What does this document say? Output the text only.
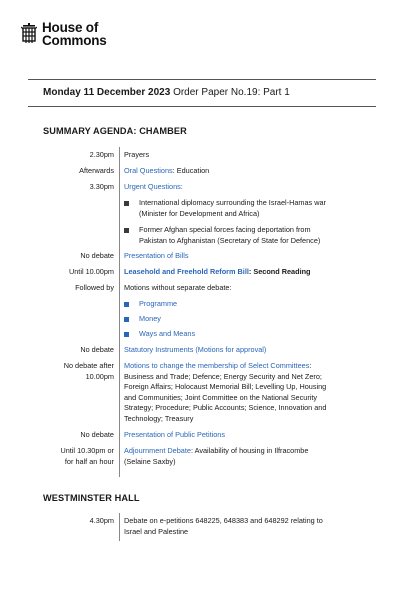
House of
Commons
Monday 11 December 2023 Order Paper No.19: Part 1
SUMMARY AGENDA: CHAMBER
2.30pm Prayers
Afterwards Oral Questions: Education
3.30pm Urgent Questions:
International diplomacy surrounding the Israel-Hamas war
(Minister for Development and Africa)
Former Afghan special forces facing deportation from
Pakistan to Afghanistan (Secretary of State for Defence)
No debate Presentation of Bills
Until 10.00pm Leasehold and Freehold Reform Bill: Second Reading
Followed by Motions without separate debate:
Programme
Money
Ways and Means
No debate Statutory Instruments (Motions for approval)
No debate after
10.00pm
Motions to change the membership of Select Committees:
Business and Trade; Defence; Energy Security and Net Zero;
Foreign Affairs; Holocaust Memorial Bill; Levelling Up, Housing
and Communities; Joint Committee on the National Security
Strategy; Procedure; Public Accounts; Science, Innovation and
Technology; Treasury
No debate Presentation of Public Petitions
Until 10.30pm or
for half an hour
Adjournment Debate: Availability of housing in Ilfracombe
(Selaine Saxby)
WESTMINSTER HALL
4.30pm Debate on e-petitions 648225, 648383 and 648292 relating to
Israel and Palestine
